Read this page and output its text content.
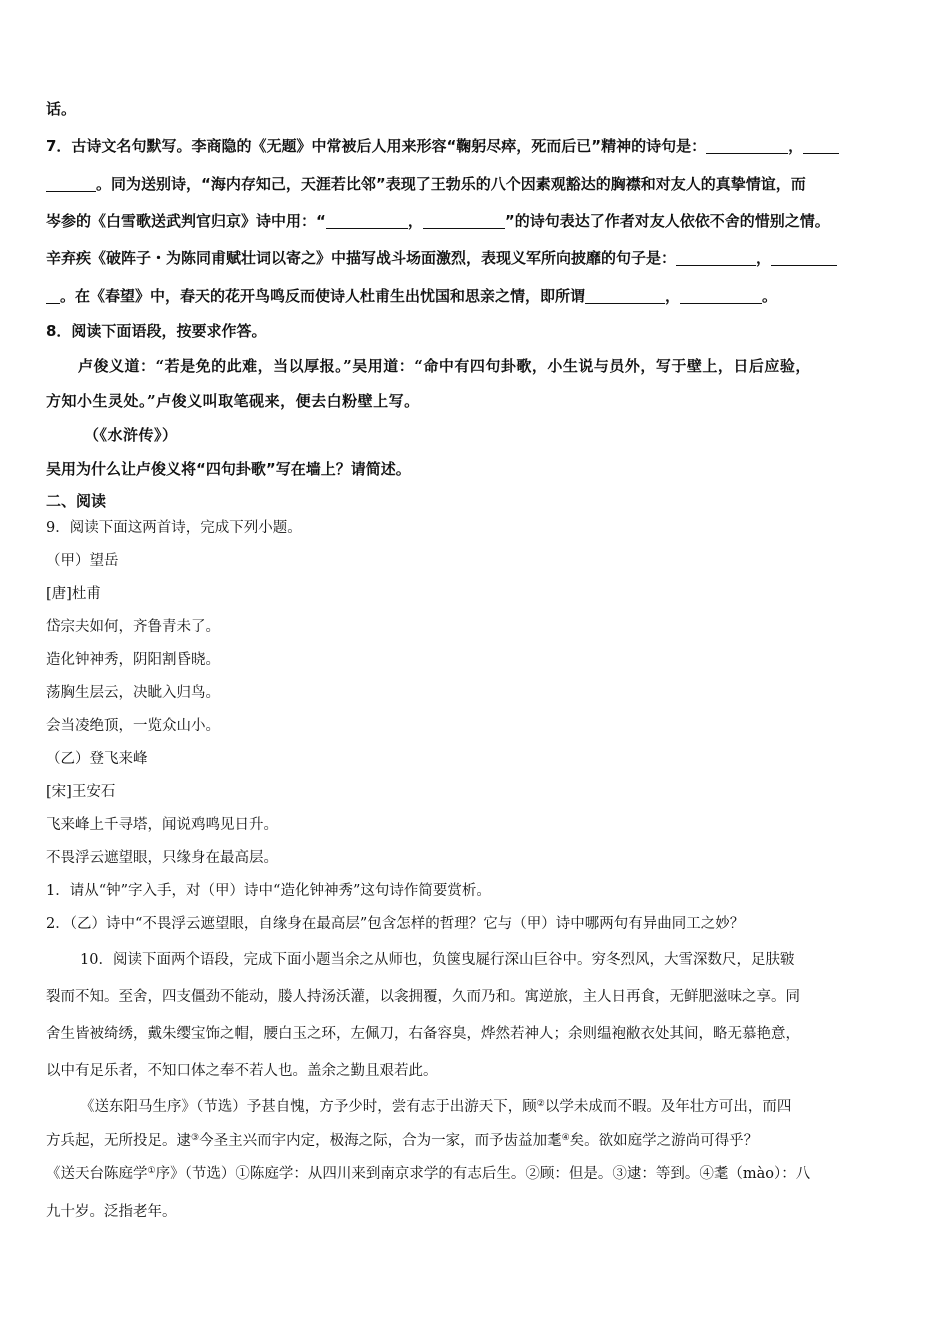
话。
7．古诗文名句默写。李商隐的《无题》中常被后人用来形容“鞠躬尽瘁，死而后已”精神的诗句是：	，
。同为送别诗，“海内存知己，天涯若比邻”表现了王勃乐的八个因素观豁达的胸襟和对友人的真挚情谊，而
岑参的《白雪歌送武判官归京》诗中用：“	，	”的诗句表达了作者对友人依依不舍的惜别之情。
辛弃疾《破阵子・为陈同甫赋壮词以寄之》中描写战斗场面激烈，表现义军所向披靡的句子是：	，
。在《春望》中，春天的花开鸟鸣反而使诗人杜甫生出忧国和思亲之情，即所谓	，	。
8．阅读下面语段，按要求作答。
卢俊义道：“若是免的此难，当以厚报。”吴用道：“命中有四句卦歌，小生说与员外，写于壁上，日后应验，
方知小生灵处。”卢俊义叫取笔砚来，便去白粉壁上写。
（《水浒传》）
吴用为什么让卢俊义将“四句卦歌”写在墙上？请简述。
二、阅读
9．阅读下面这两首诗，完成下列小题。
（甲）望岳
[唐]杜甫
岱宗夫如何，齐鲁青未了。
造化钟神秀，阴阳割昏晓。
荡胸生层云，决眦入归鸟。
会当凌绝顶，一览众山小。
（乙）登飞来峰
[宋]王安石
飞来峰上千寻塔，闻说鸡鸣见日升。
不畏浮云遮望眼，只缘身在最高层。
1．请从“钟”字入手，对（甲）诗中“造化钟神秀”这句诗作简要赏析。
2．（乙）诗中“不畏浮云遮望眼，自缘身在最高层”包含怎样的哲理？它与（甲）诗中哪两句有异曲同工之妙？
10．阅读下面两个语段，完成下面小题当余之从师也，负箧曳屣行深山巨谷中。穷冬烈风，大雪深数尺，足肤皲
裂而不知。至舍，四支僵劲不能动，媵人持汤沃灌，以衾拥覆，久而乃和。寓逆旅，主人日再食，无鲜肥滋味之享。同
舍生皆被绮绣，戴朱缨宝饰之帽，腰白玉之环，左佩刀，右备容臭，烨然若神人；余则缊袍敝衣处其间，略无慕艳意，
以中有足乐者，不知口体之奉不若人也。盖余之勤且艰若此。
《送东阳马生序》（节选）予甚自愧，方予少时，尝有志于出游天下，顾②以学未成而不暇。及年壮方可出，而四
方兵起，无所投足。逮③今圣主兴而宇内定，极海之际，合为一家，而予齿益加耄④矣。欲如庭学之游尚可得乎？
《送天台陈庭学①序》（节选）①陈庭学：从四川来到南京求学的有志后生。②顾：但是。③逮：等到。④耄（mào）：八
九十岁。泛指老年。
